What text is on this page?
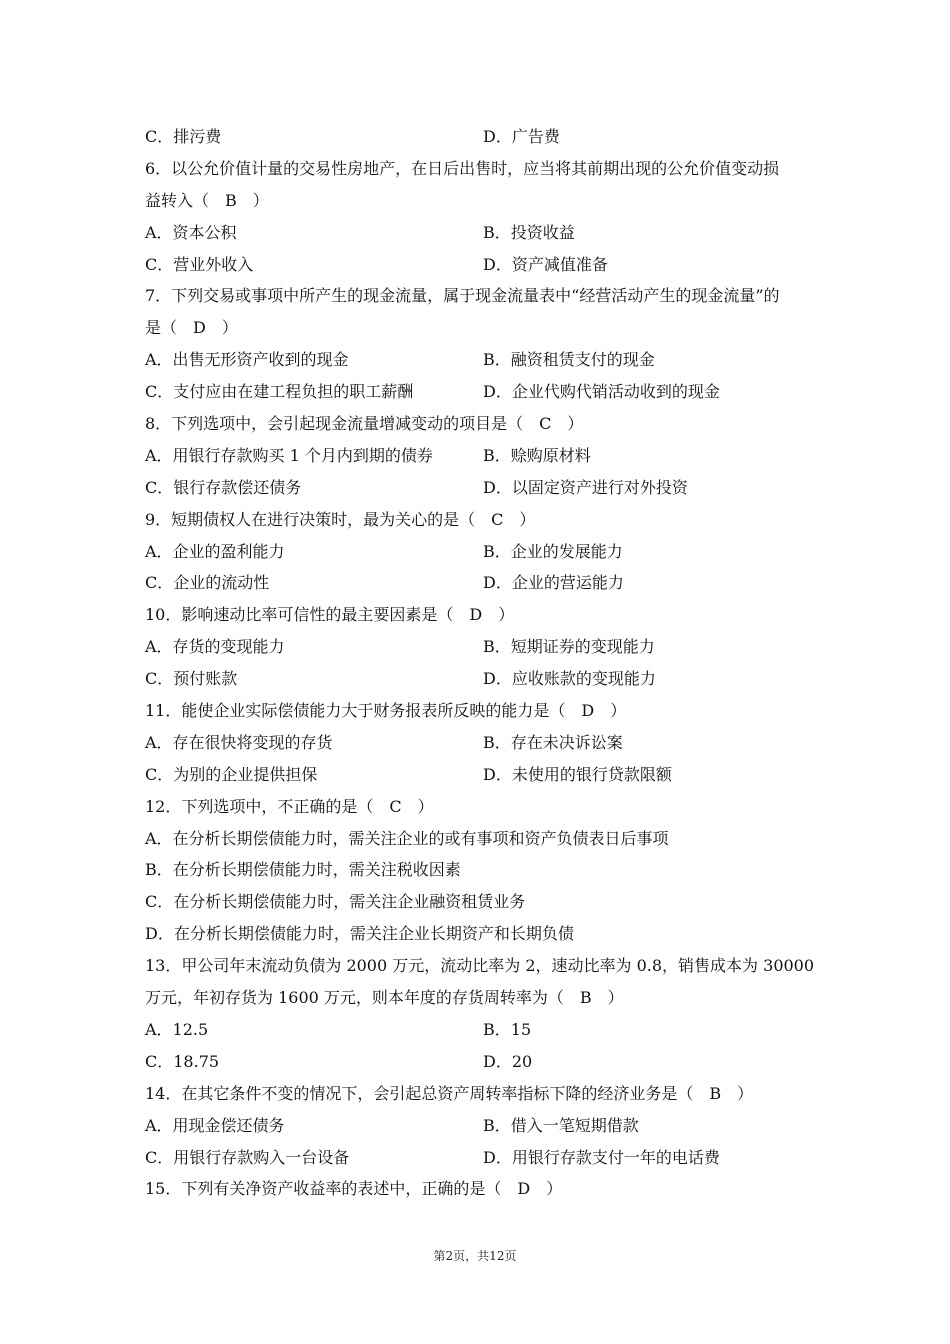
C．排污费	D．广告费
6．以公允价值计量的交易性房地产，在日后出售时，应当将其前期出现的公允价值变动损
益转入（　B　）
A．资本公积	B．投资收益
C．营业外收入	D．资产减值准备
7．下列交易或事项中所产生的现金流量，属于现金流量表中“经营活动产生的现金流量”的
是（　D　）
A．出售无形资产收到的现金	B．融资租赁支付的现金
C．支付应由在建工程负担的职工薪酬	D．企业代购代销活动收到的现金
8．下列选项中，会引起现金流量增减变动的项目是（　C　）
A．用银行存款购买 1 个月内到期的债券	B．赊购原材料
C．银行存款偿还债务	D．以固定资产进行对外投资
9．短期债权人在进行决策时，最为关心的是（　C　）
A．企业的盈利能力	B．企业的发展能力
C．企业的流动性	D．企业的营运能力
10．影响速动比率可信性的最主要因素是（　D　）
A．存货的变现能力	B．短期证券的变现能力
C．预付账款	D．应收账款的变现能力
11．能使企业实际偿债能力大于财务报表所反映的能力是（　D　）
A．存在很快将变现的存货	B．存在未决诉讼案
C．为别的企业提供担保	D．未使用的银行贷款限额
12．下列选项中，不正确的是（　C　）
A．在分析长期偿债能力时，需关注企业的或有事项和资产负债表日后事项
B．在分析长期偿债能力时，需关注税收因素
C．在分析长期偿债能力时，需关注企业融资租赁业务
D．在分析长期偿债能力时，需关注企业长期资产和长期负债
13．甲公司年末流动负债为 2000 万元，流动比率为 2，速动比率为 0.8，销售成本为 30000
万元，年初存货为 1600 万元，则本年度的存货周转率为（　B　）
A．12.5	B．15
C．18.75	D．20
14．在其它条件不变的情况下，会引起总资产周转率指标下降的经济业务是（　B　）
A．用现金偿还债务	B．借入一笔短期借款
C．用银行存款购入一台设备	D．用银行存款支付一年的电话费
15．下列有关净资产收益率的表述中，正确的是（　D　）
第2页，共12页
